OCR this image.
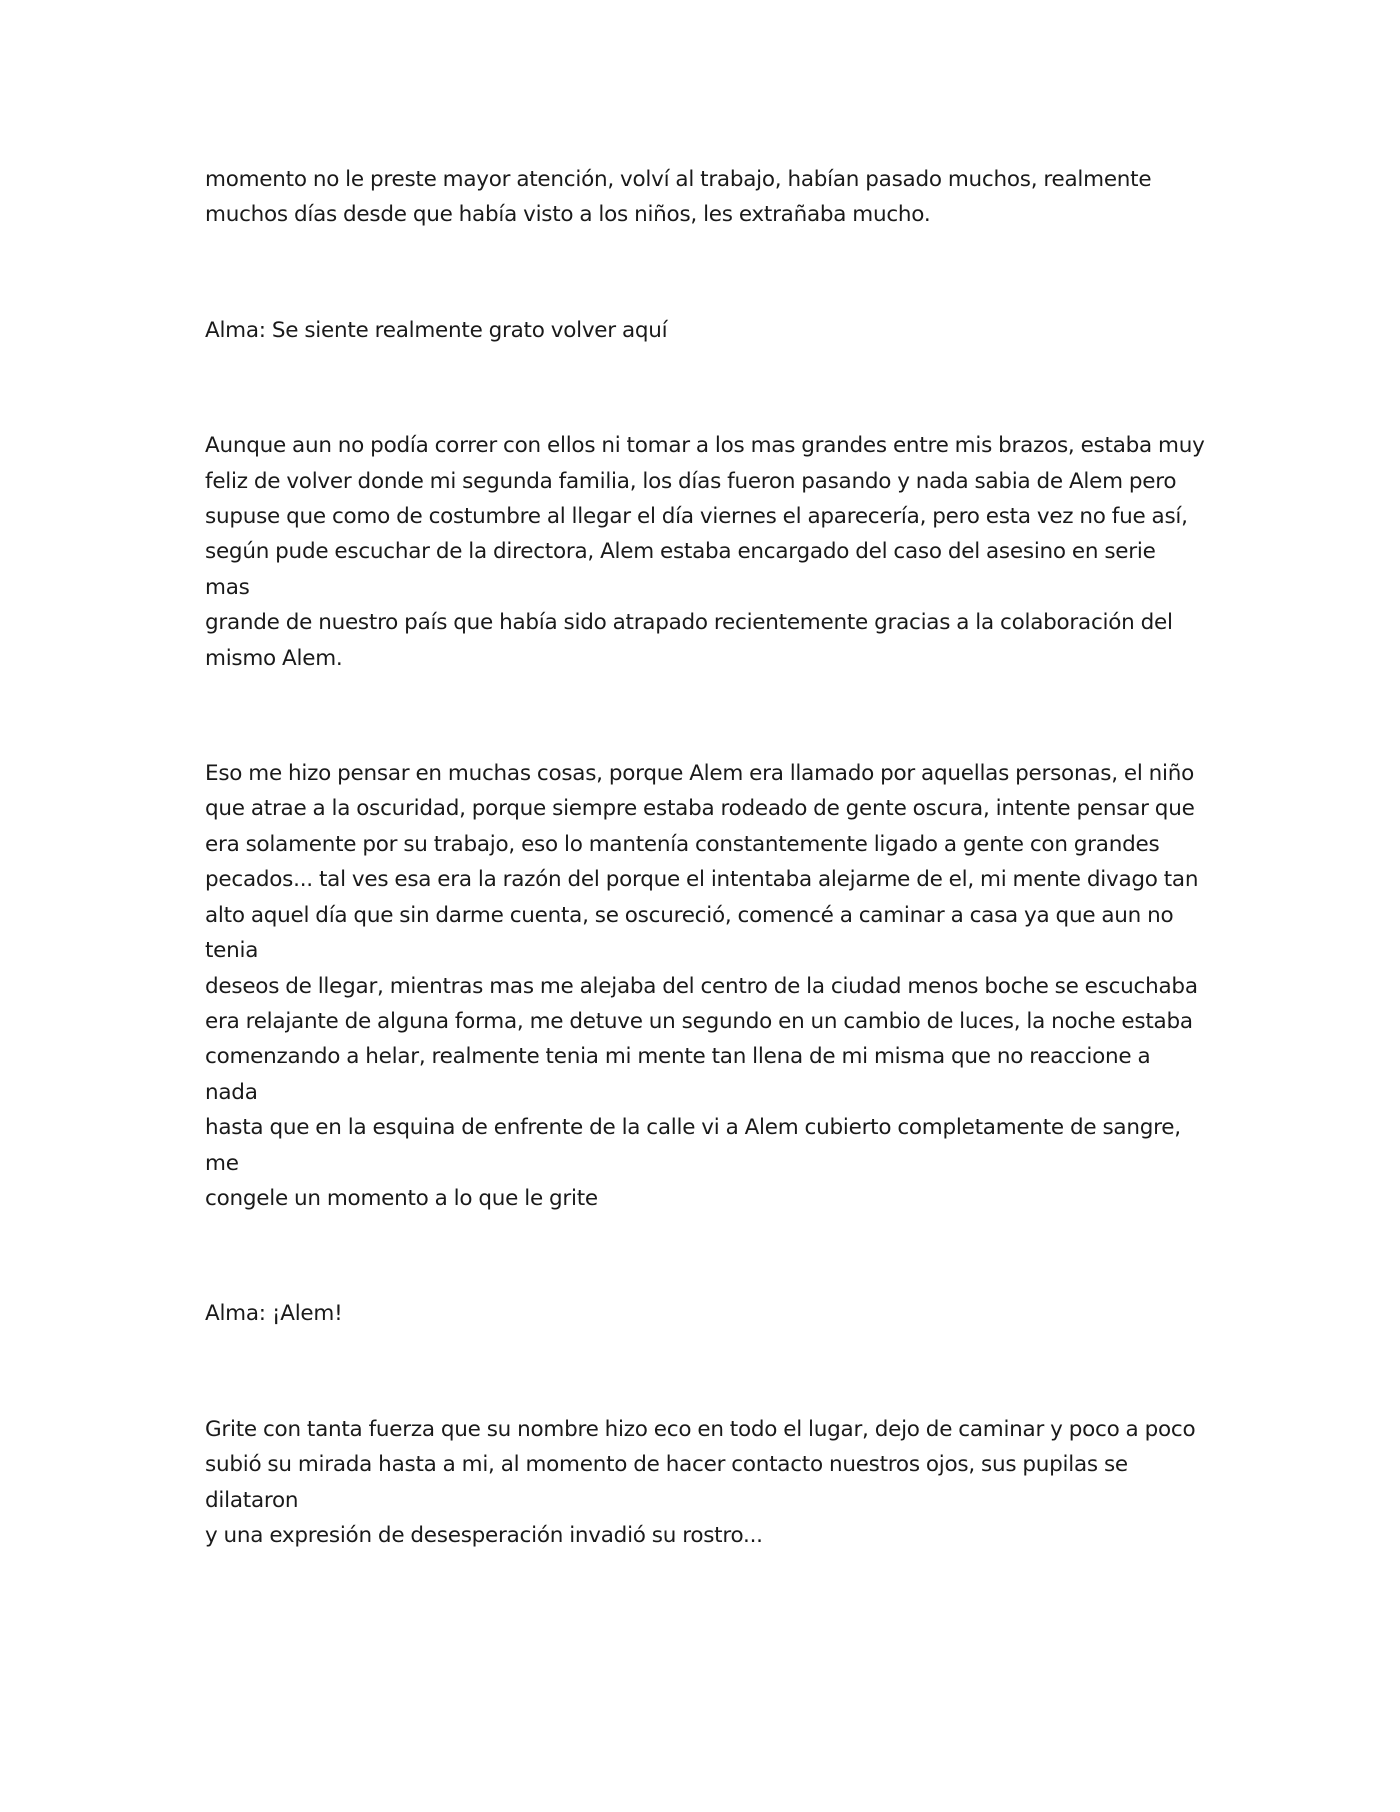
momento no le preste mayor atención, volví al trabajo, habían pasado muchos, realmente
muchos días desde que había visto a los niños, les extrañaba mucho.

Alma: Se siente realmente grato volver aquí

Aunque aun no podía correr con ellos ni tomar a los mas grandes entre mis brazos, estaba muy
feliz de volver donde mi segunda familia, los días fueron pasando y nada sabia de Alem pero
supuse que como de costumbre al llegar el día viernes el aparecería, pero esta vez no fue así,
según pude escuchar de la directora, Alem estaba encargado del caso del asesino en serie mas
grande de nuestro país que había sido atrapado recientemente gracias a la colaboración del
mismo Alem.

Eso me hizo pensar en muchas cosas, porque Alem era llamado por aquellas personas, el niño
que atrae a la oscuridad, porque siempre estaba rodeado de gente oscura, intente pensar que
era solamente por su trabajo, eso lo mantenía constantemente ligado a gente con grandes
pecados... tal ves esa era la razón del porque el intentaba alejarme de el, mi mente divago tan
alto aquel día que sin darme cuenta, se oscureció, comencé a caminar a casa ya que aun no tenia
deseos de llegar, mientras mas me alejaba del centro de la ciudad menos boche se escuchaba
era relajante de alguna forma, me detuve un segundo en un cambio de luces, la noche estaba
comenzando a helar, realmente tenia mi mente tan llena de mi misma que no reaccione a nada
hasta que en la esquina de enfrente de la calle vi a Alem cubierto completamente de sangre, me
congele un momento a lo que le grite

Alma: ¡Alem!

Grite con tanta fuerza que su nombre hizo eco en todo el lugar, dejo de caminar y poco a poco
subió su mirada hasta a mi, al momento de hacer contacto nuestros ojos, sus pupilas se dilataron
y una expresión de desesperación invadió su rostro...
